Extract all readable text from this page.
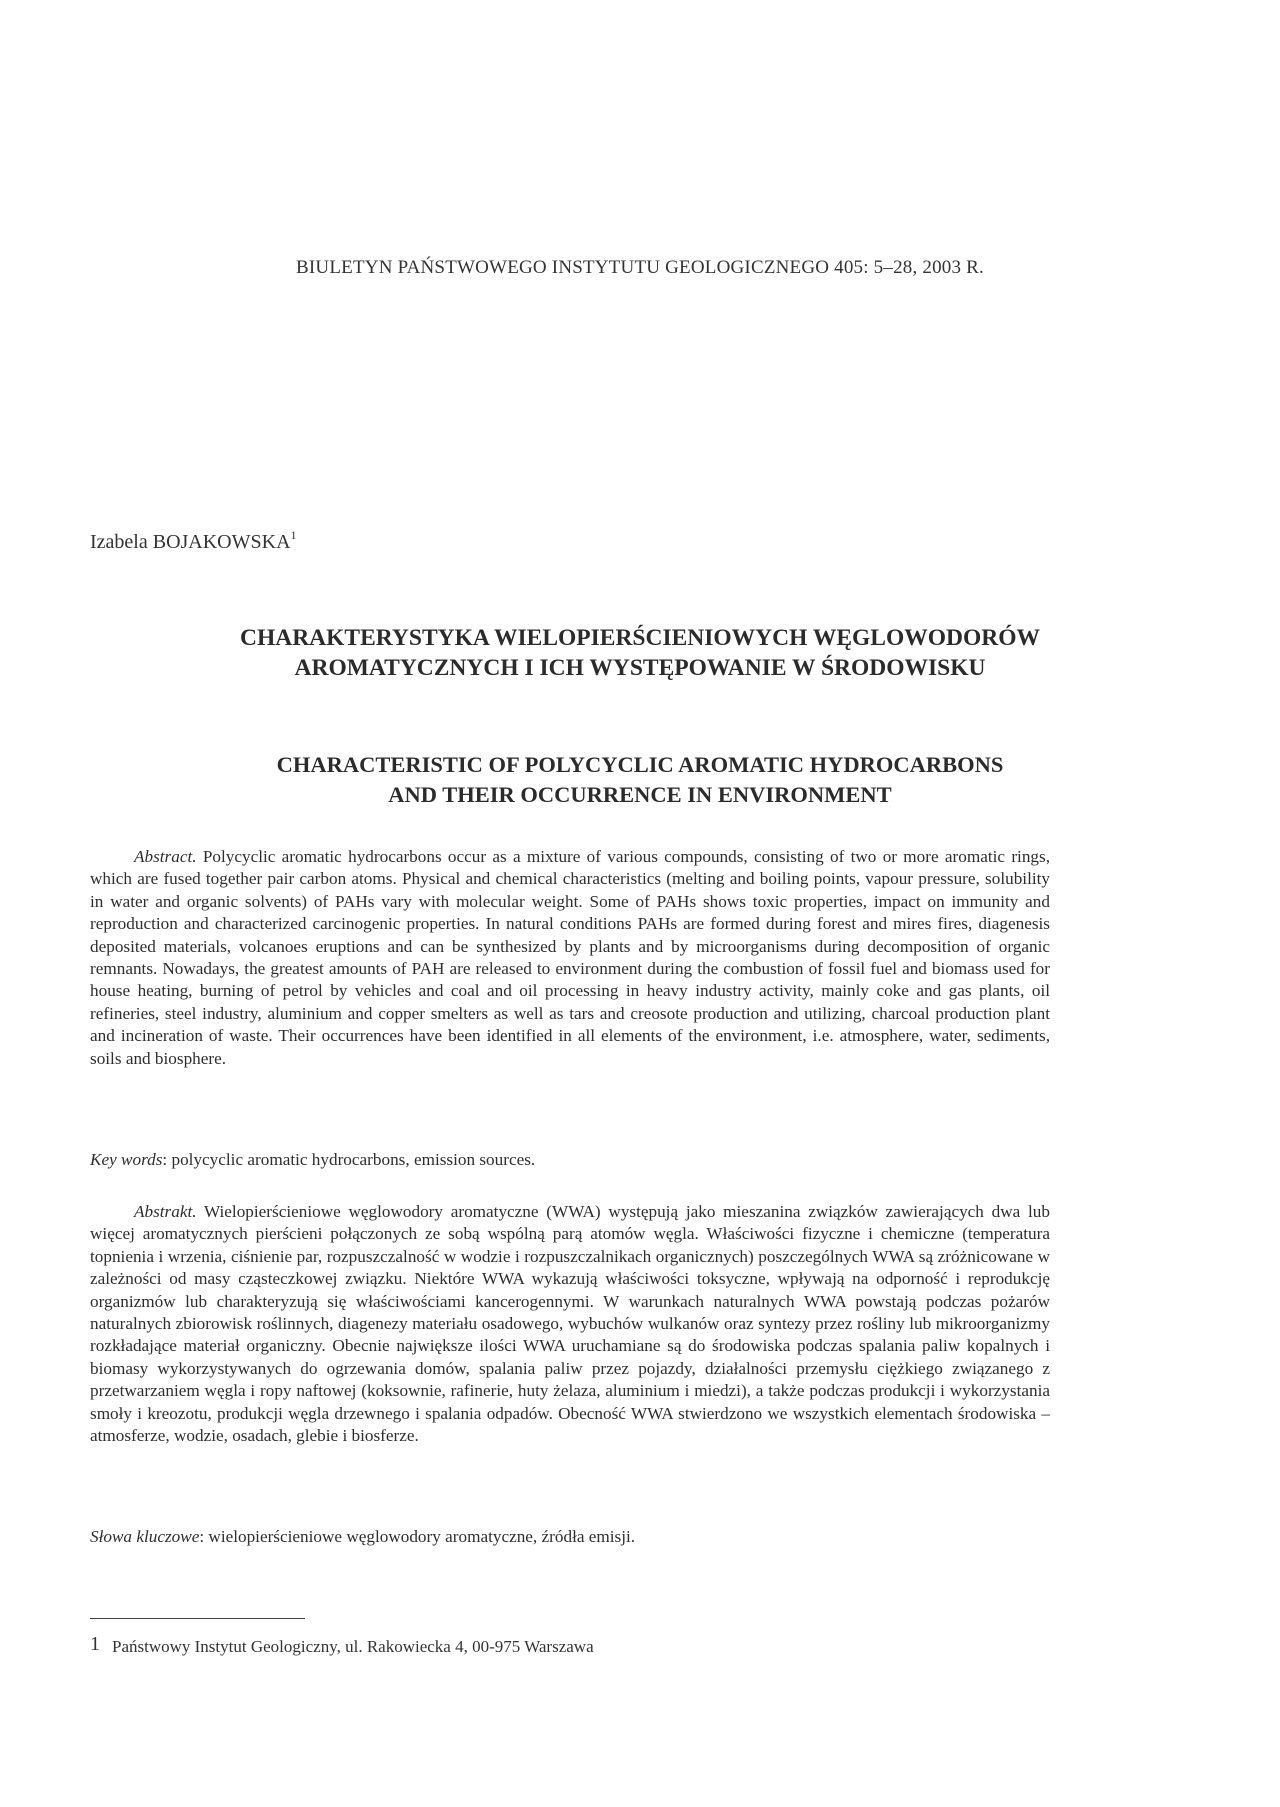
BIULETYN PAŃSTWOWEGO INSTYTUTU GEOLOGICZNEGO 405: 5–28, 2003 R.
Izabela BOJAKOWSKA$^1$
CHARAKTERYSTYKA WIELOPIERŚCIENIOWYCH WĘGLOWODORÓW
AROMATYCZNYCH I ICH WYSTĘPOWANIE W ŚRODOWISKU
CHARACTERISTIC OF POLYCYCLIC AROMATIC HYDROCARBONS
AND THEIR OCCURRENCE IN ENVIRONMENT
Abstract. Polycyclic aromatic hydrocarbons occur as a mixture of various compounds, consisting of two or more aromatic rings, which are fused together pair carbon atoms. Physical and chemical characteristics (melting and boiling points, vapour pressure, solubility in water and organic solvents) of PAHs vary with molecular weight. Some of PAHs shows toxic properties, impact on immunity and reproduction and characterized carcinogenic properties. In natural conditions PAHs are formed during forest and mires fires, diagenesis deposited materials, volcanoes eruptions and can be synthesized by plants and by microorganisms during decomposition of organic remnants. Nowadays, the greatest amounts of PAH are released to environment during the combustion of fossil fuel and biomass used for house heating, burning of petrol by vehicles and coal and oil processing in heavy industry activity, mainly coke and gas plants, oil refineries, steel industry, aluminium and copper smelters as well as tars and creosote production and utilizing, charcoal production plant and incineration of waste. Their occurrences have been identified in all elements of the environment, i.e. atmosphere, water, sediments, soils and biosphere.
Key words: polycyclic aromatic hydrocarbons, emission sources.
Abstrakt. Wielopierścieniowe węglowodory aromatyczne (WWA) występują jako mieszanina związków zawierających dwa lub więcej aromatycznych pierścieni połączonych ze sobą wspólną parą atomów węgla. Właściwości fizyczne i chemiczne (temperatura topnienia i wrzenia, ciśnienie par, rozpuszczalność w wodzie i rozpuszczalnikach organicznych) poszczególnych WWA są zróżnicowane w zależności od masy cząsteczkowej związku. Niektóre WWA wykazują właściwości toksyczne, wpływają na odporność i reprodukcję organizmów lub charakteryzują się właściwościami kancerogennymi. W warunkach naturalnych WWA powstają podczas pożarów naturalnych zbiorowisk roślinnych, diagenezy materiału osadowego, wybuchów wulkanów oraz syntezy przez rośliny lub mikroorganizmy rozkładające materiał organiczny. Obecnie największe ilości WWA uruchamiane są do środowiska podczas spalania paliw kopalnych i biomasy wykorzystywanych do ogrzewania domów, spalania paliw przez pojazdy, działalności przemysłu ciężkiego związanego z przetwarzaniem węgla i ropy naftowej (koksownie, rafinerie, huty żelaza, aluminium i miedzi), a także podczas produkcji i wykorzystania smoły i kreozotu, produkcji węgla drzewnego i spalania odpadów. Obecność WWA stwierdzono we wszystkich elementach środowiska – atmosferze, wodzie, osadach, glebie i biosferze.
Słowa kluczowe: wielopierścieniowe węglowodory aromatyczne, źródła emisji.
1 Państwowy Instytut Geologiczny, ul. Rakowiecka 4, 00-975 Warszawa
